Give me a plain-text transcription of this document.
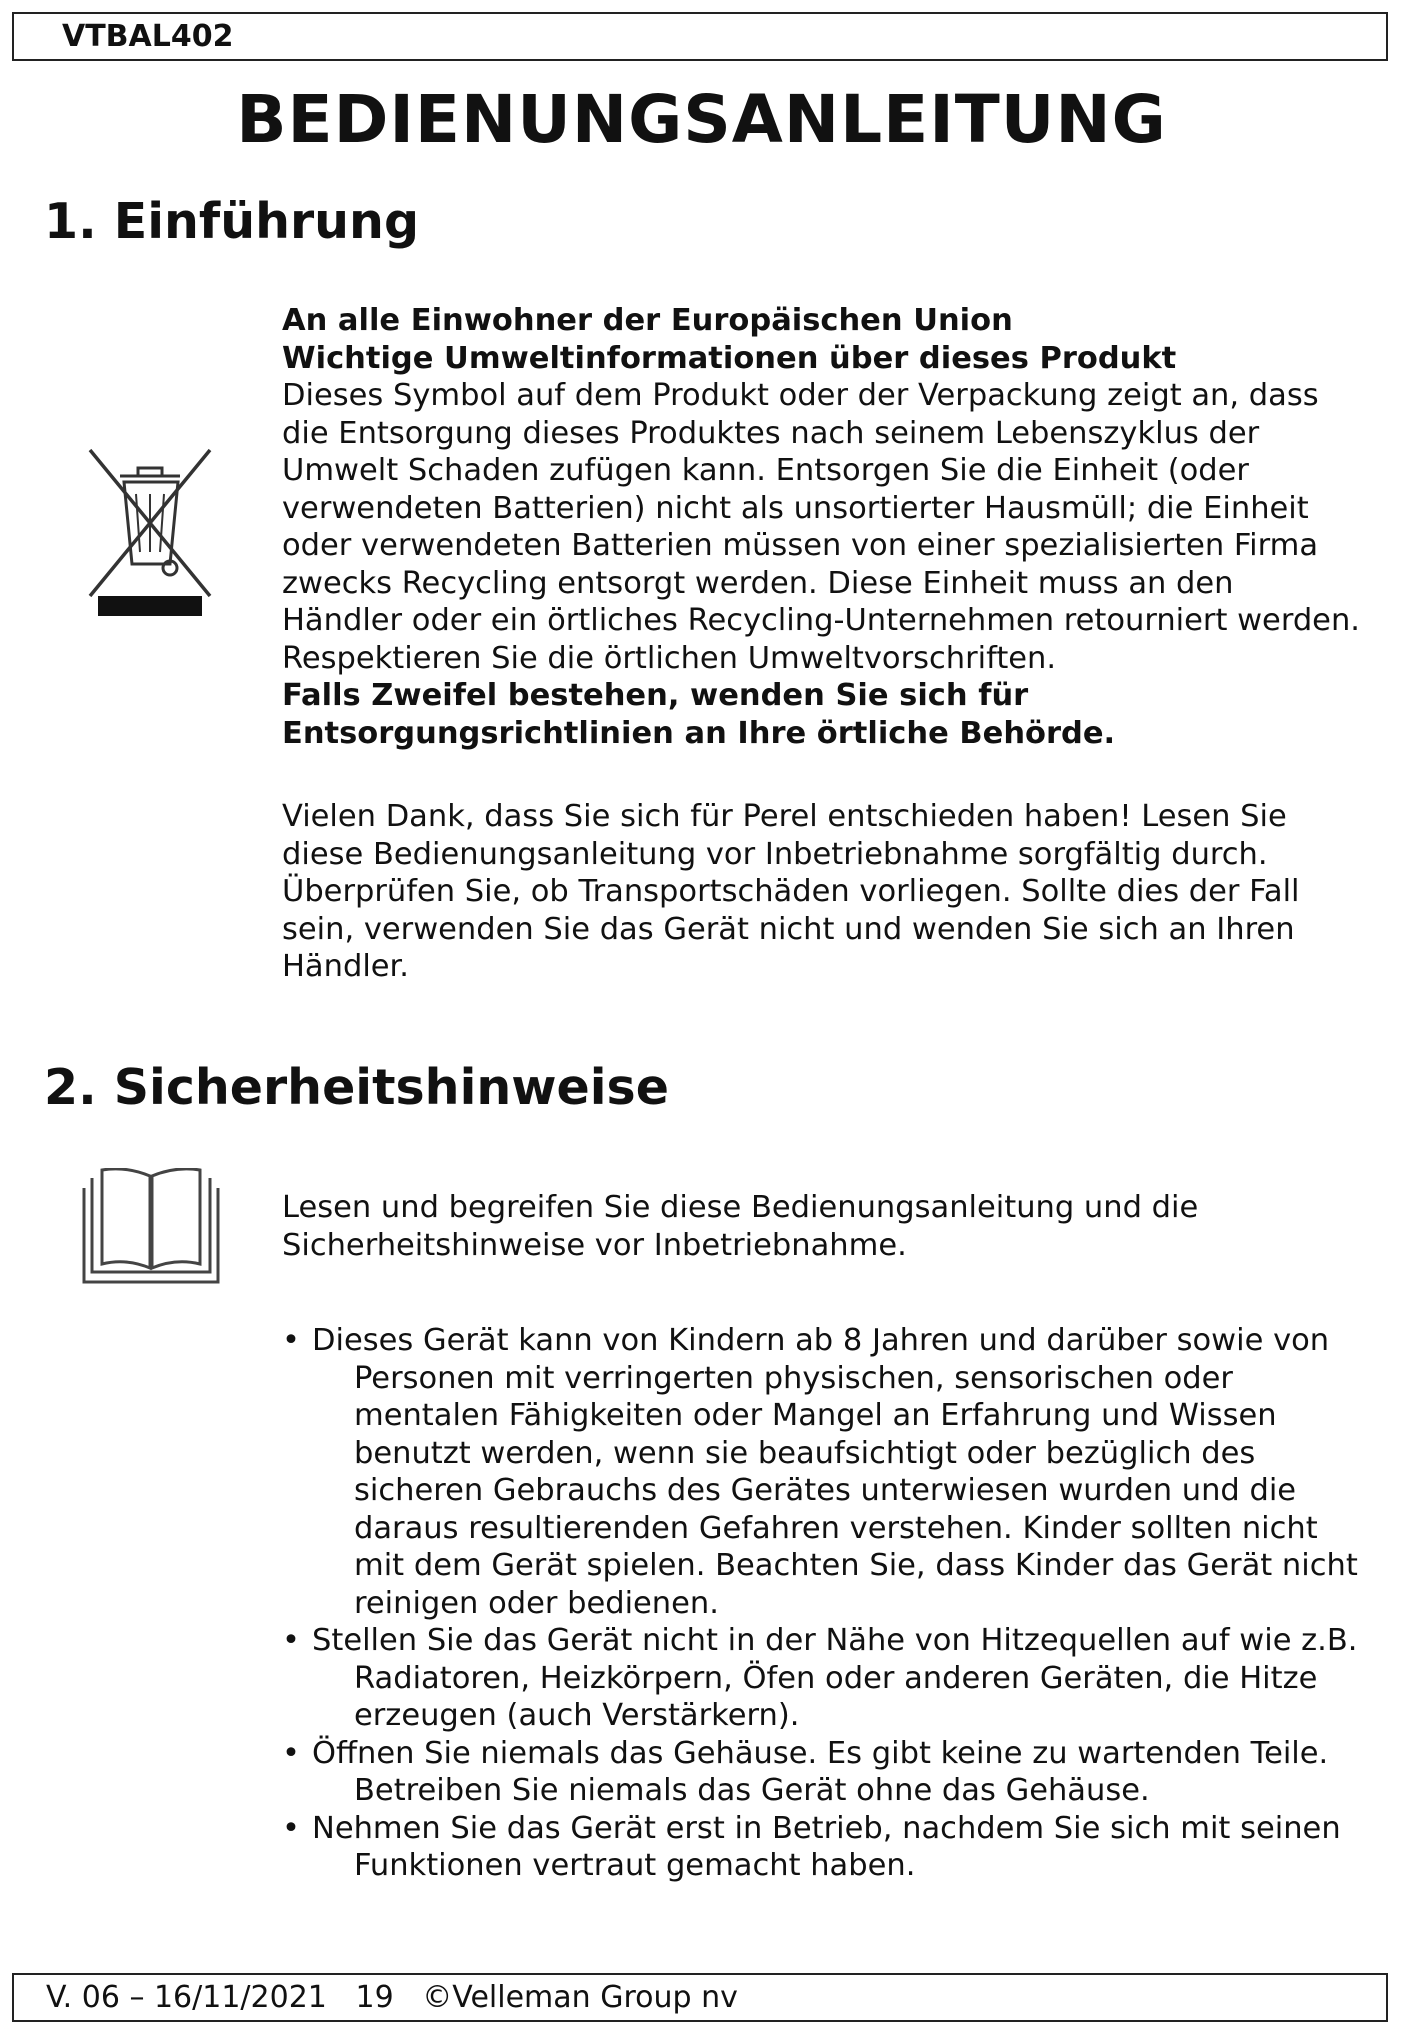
VTBAL402
BEDIENUNGSANLEITUNG
1. Einführung

An alle Einwohner der Europäischen Union

Wichtige Umweltinformationen über dieses Produkt

Dieses Symbol auf dem Produkt oder der Verpackung zeigt an, dass die Entsorgung dieses Produktes nach seinem Lebenszyklus der Umwelt Schaden zufügen kann. Entsorgen Sie die Einheit (oder verwendeten Batterien) nicht als unsortierter Hausmüll; die Einheit oder verwendeten Batterien müssen von einer spezialisierten Firma zwecks Recycling entsorgt werden. Diese Einheit muss an den Händler oder ein örtliches Recycling-Unternehmen retourniert werden. Respektieren Sie die örtlichen Umweltvorschriften.

Falls Zweifel bestehen, wenden Sie sich für Entsorgungsrichtlinien an Ihre örtliche Behörde.

Vielen Dank, dass Sie sich für Perel entschieden haben! Lesen Sie diese Bedienungsanleitung vor Inbetriebnahme sorgfältig durch. Überprüfen Sie, ob Transportschäden vorliegen. Sollte dies der Fall sein, verwenden Sie das Gerät nicht und wenden Sie sich an Ihren Händler.

2. Sicherheitshinweise

Lesen und begreifen Sie diese Bedienungsanleitung und die Sicherheitshinweise vor Inbetriebnahme.

• Dieses Gerät kann von Kindern ab 8 Jahren und darüber sowie von Personen mit verringerten physischen, sensorischen oder mentalen Fähigkeiten oder Mangel an Erfahrung und Wissen benutzt werden, wenn sie beaufsichtigt oder bezüglich des sicheren Gebrauchs des Gerätes unterwiesen wurden und die daraus resultierenden Gefahren verstehen. Kinder sollten nicht mit dem Gerät spielen. Beachten Sie, dass Kinder das Gerät nicht reinigen oder bedienen.
• Stellen Sie das Gerät nicht in der Nähe von Hitzequellen auf wie z.B. Radiatoren, Heizkörpern, Öfen oder anderen Geräten, die Hitze erzeugen (auch Verstärkern).
• Öffnen Sie niemals das Gehäuse. Es gibt keine zu wartenden Teile. Betreiben Sie niemals das Gerät ohne das Gehäuse.
• Nehmen Sie das Gerät erst in Betrieb, nachdem Sie sich mit seinen Funktionen vertraut gemacht haben.
V. 06 – 16/11/2021   19   ©Velleman Group nv
